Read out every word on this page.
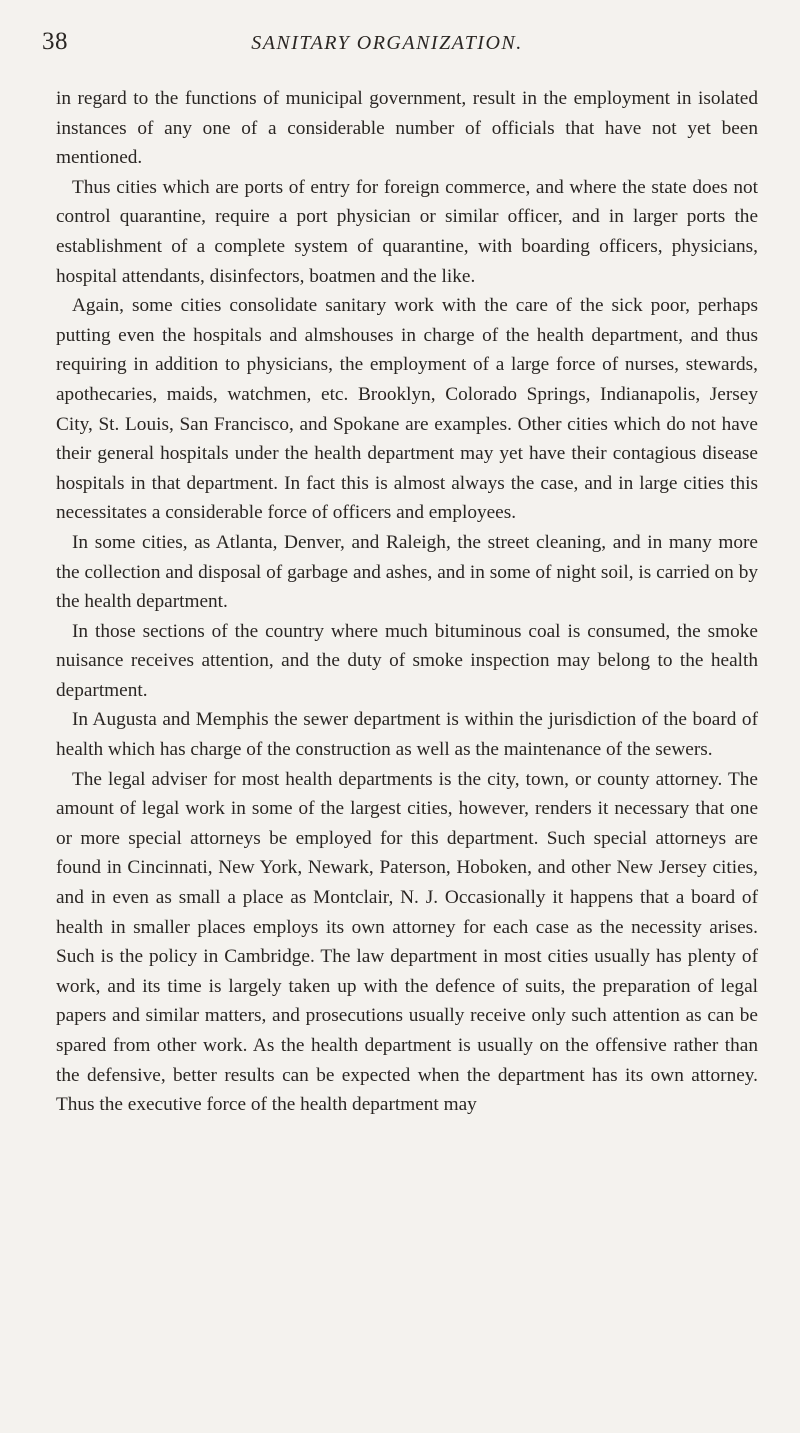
38	SANITARY ORGANIZATION.

in regard to the functions of municipal government, result in the employment in isolated instances of any one of a considerable number of officials that have not yet been mentioned.

Thus cities which are ports of entry for foreign commerce, and where the state does not control quarantine, require a port physician or similar officer, and in larger ports the establishment of a complete system of quarantine, with boarding officers, physicians, hospital attendants, disinfectors, boatmen and the like.

Again, some cities consolidate sanitary work with the care of the sick poor, perhaps putting even the hospitals and almshouses in charge of the health department, and thus requiring in addition to physicians, the employment of a large force of nurses, stewards, apothecaries, maids, watchmen, etc. Brooklyn, Colorado Springs, Indianapolis, Jersey City, St. Louis, San Francisco, and Spokane are examples. Other cities which do not have their general hospitals under the health department may yet have their contagious disease hospitals in that department. In fact this is almost always the case, and in large cities this necessitates a considerable force of officers and employees.

In some cities, as Atlanta, Denver, and Raleigh, the street cleaning, and in many more the collection and disposal of garbage and ashes, and in some of night soil, is carried on by the health department.

In those sections of the country where much bituminous coal is consumed, the smoke nuisance receives attention, and the duty of smoke inspection may belong to the health department.

In Augusta and Memphis the sewer department is within the jurisdiction of the board of health which has charge of the construction as well as the maintenance of the sewers.

The legal adviser for most health departments is the city, town, or county attorney. The amount of legal work in some of the largest cities, however, renders it necessary that one or more special attorneys be employed for this department. Such special attorneys are found in Cincinnati, New York, Newark, Paterson, Hoboken, and other New Jersey cities, and in even as small a place as Montclair, N. J. Occasionally it happens that a board of health in smaller places employs its own attorney for each case as the necessity arises. Such is the policy in Cambridge. The law department in most cities usually has plenty of work, and its time is largely taken up with the defence of suits, the preparation of legal papers and similar matters, and prosecutions usually receive only such attention as can be spared from other work. As the health department is usually on the offensive rather than the defensive, better results can be expected when the department has its own attorney. Thus the executive force of the health department may
